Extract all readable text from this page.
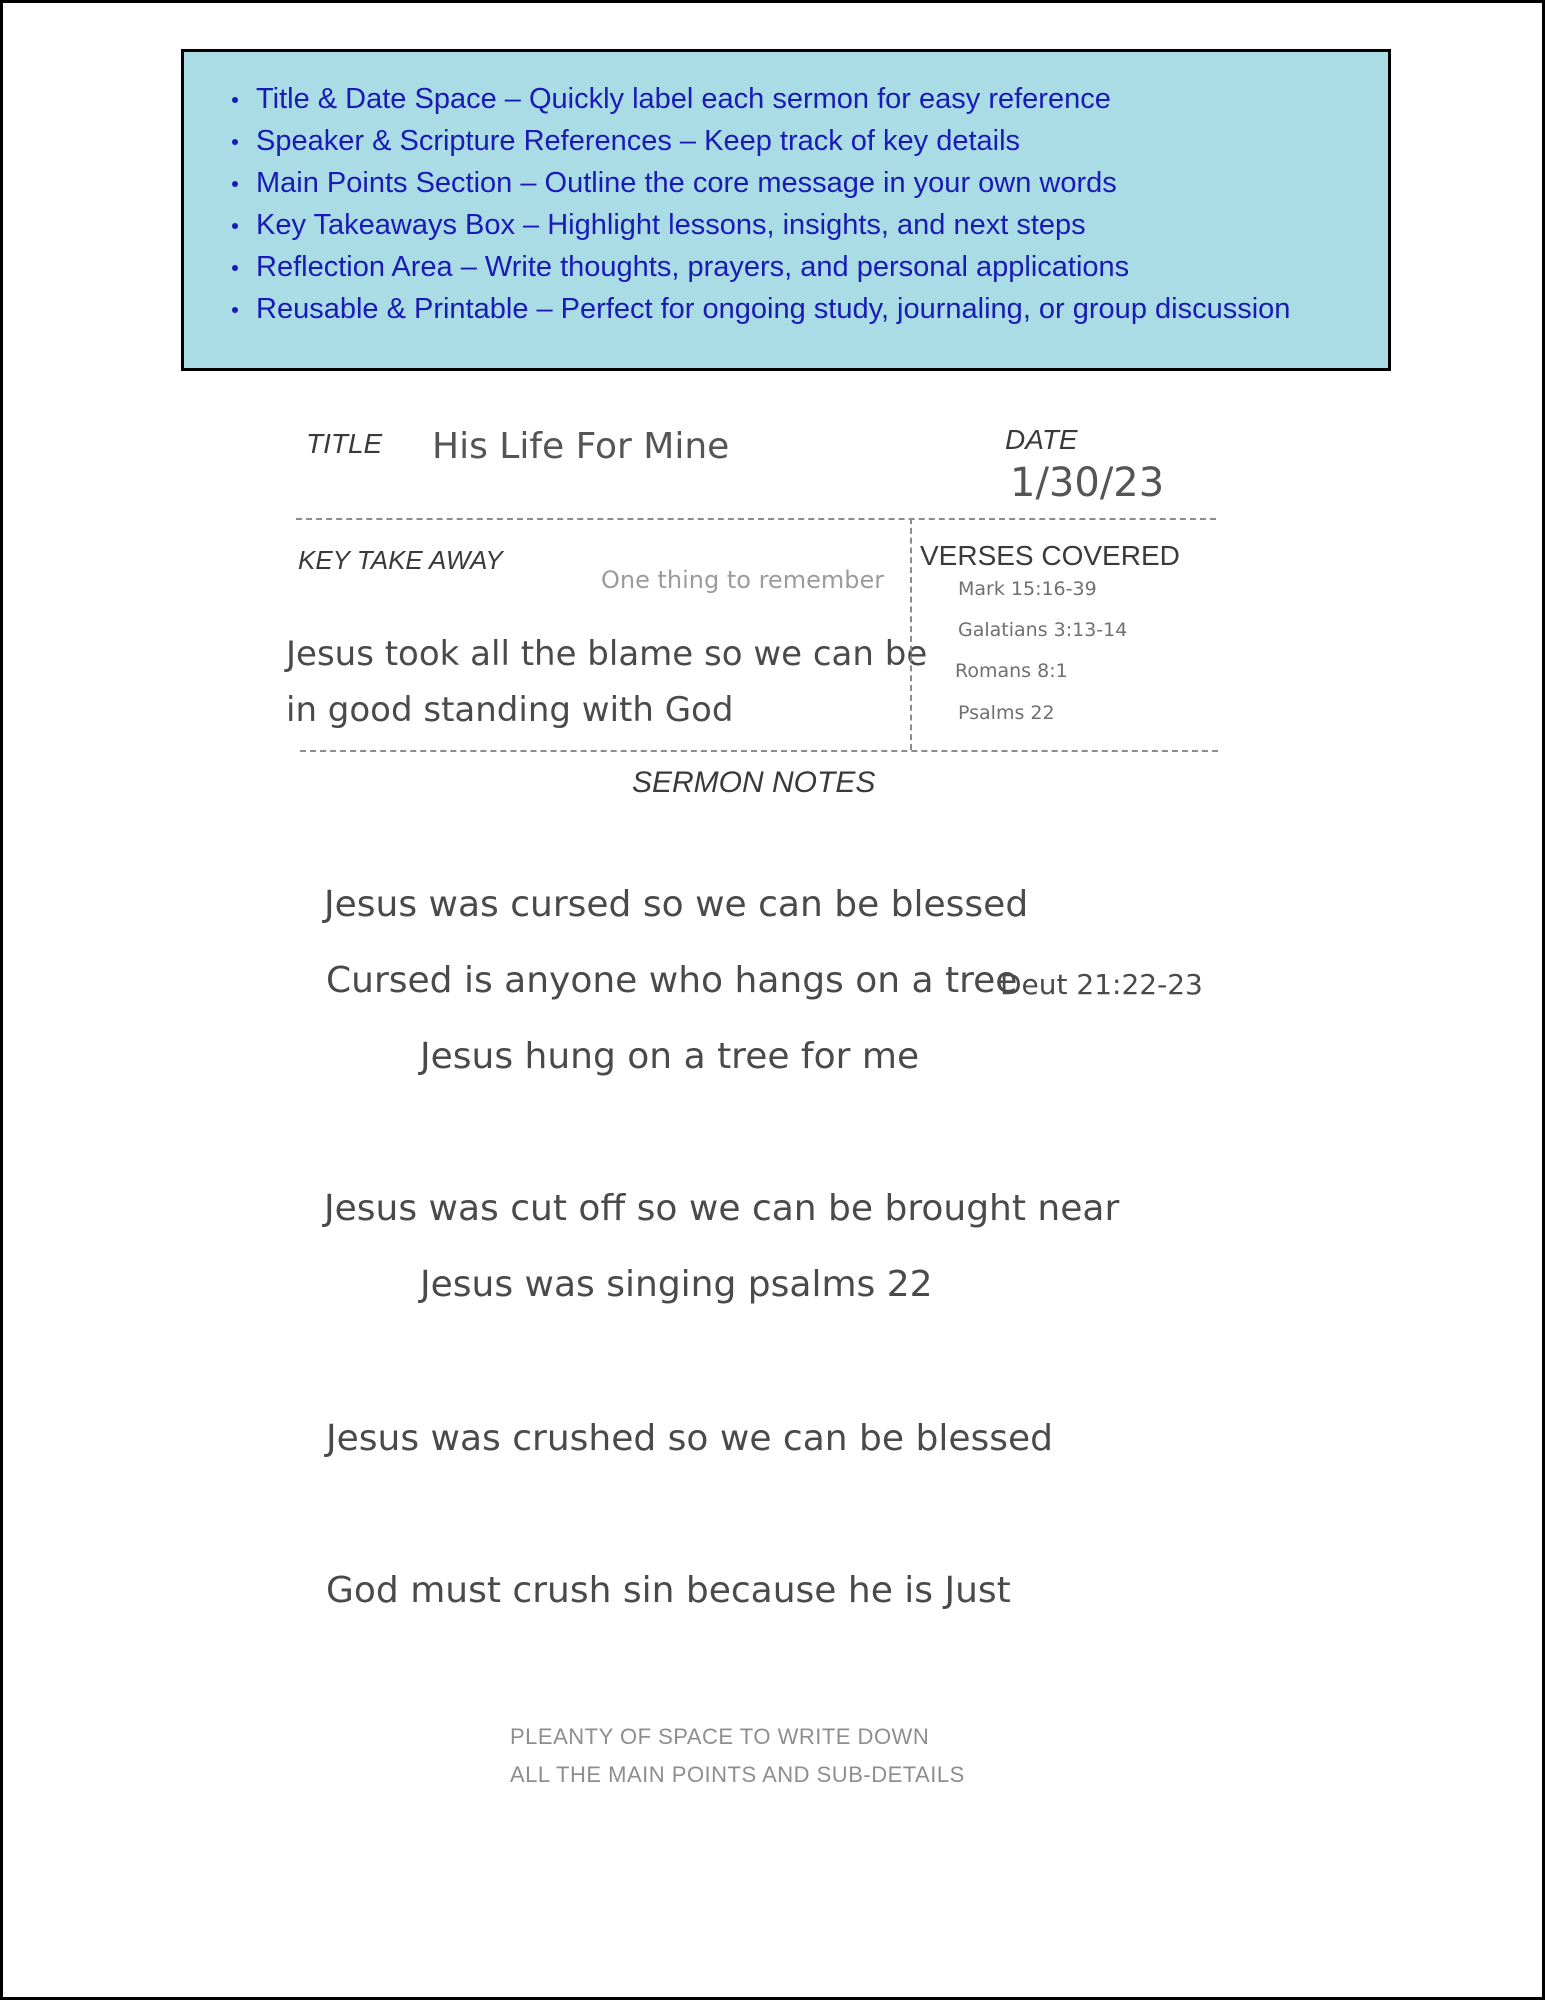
Title & Date Space – Quickly label each sermon for easy reference
Speaker & Scripture References – Keep track of key details
Main Points Section – Outline the core message in your own words
Key Takeaways Box – Highlight lessons, insights, and next steps
Reflection Area – Write thoughts, prayers, and personal applications
Reusable & Printable – Perfect for ongoing study, journaling, or group discussion
TITLE His Life For Mine	DATE
1/30/23
KEY TAKE AWAY
One thing to remember
Jesus took all the blame so we can be
in good standing with God
VERSES COVERED
Mark 15:16-39
Galatians 3:13-14
Romans 8:1
Psalms 22
SERMON NOTES
Jesus was cursed so we can be blessed
Cursed is anyone who hangs on a tree
Deut 21:22-23
Jesus hung on a tree for me
Jesus was cut off so we can be brought near
Jesus was singing psalms 22
Jesus was crushed so we can be blessed
God must crush sin because he is Just
PLEANTY OF SPACE TO WRITE DOWN
ALL THE MAIN POINTS AND SUB-DETAILS
